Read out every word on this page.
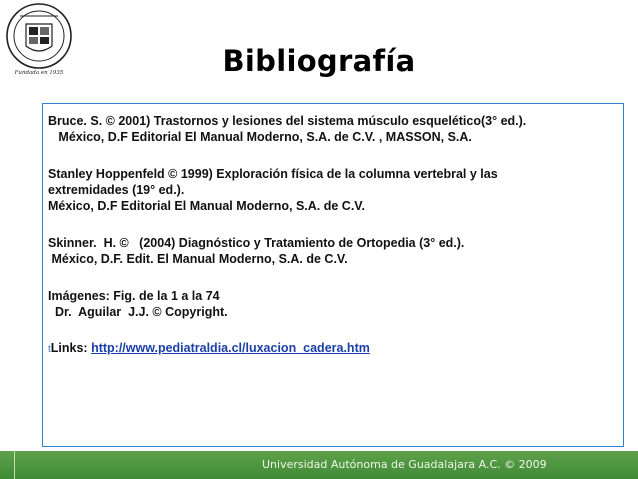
Fundada en 1935	Bibliografía

Bruce. S. © 2001) Trastornos y lesiones del sistema músculo esquelético(3° ed.).

México, D.F Editorial El Manual Moderno, S.A. de C.V. , MASSON, S.A.

Stanley Hoppenfeld © 1999) Exploración física de la columna vertebral y las

extremidades (19° ed.).

México, D.F Editorial El Manual Moderno, S.A. de C.V.

Skinner.  H. ©   (2004) Diagnóstico y Tratamiento de Ortopedia (3° ed.).

México, D.F. Edit. El Manual Moderno, S.A. de C.V.

Imágenes: Fig. de la 1 a la 74

Dr.  Aguilar  J.J. © Copyright.

tLinks: http://www.pediatraldia.cl/luxacion_cadera.htm

Universidad Autónoma de Guadalajara A.C. © 2009
